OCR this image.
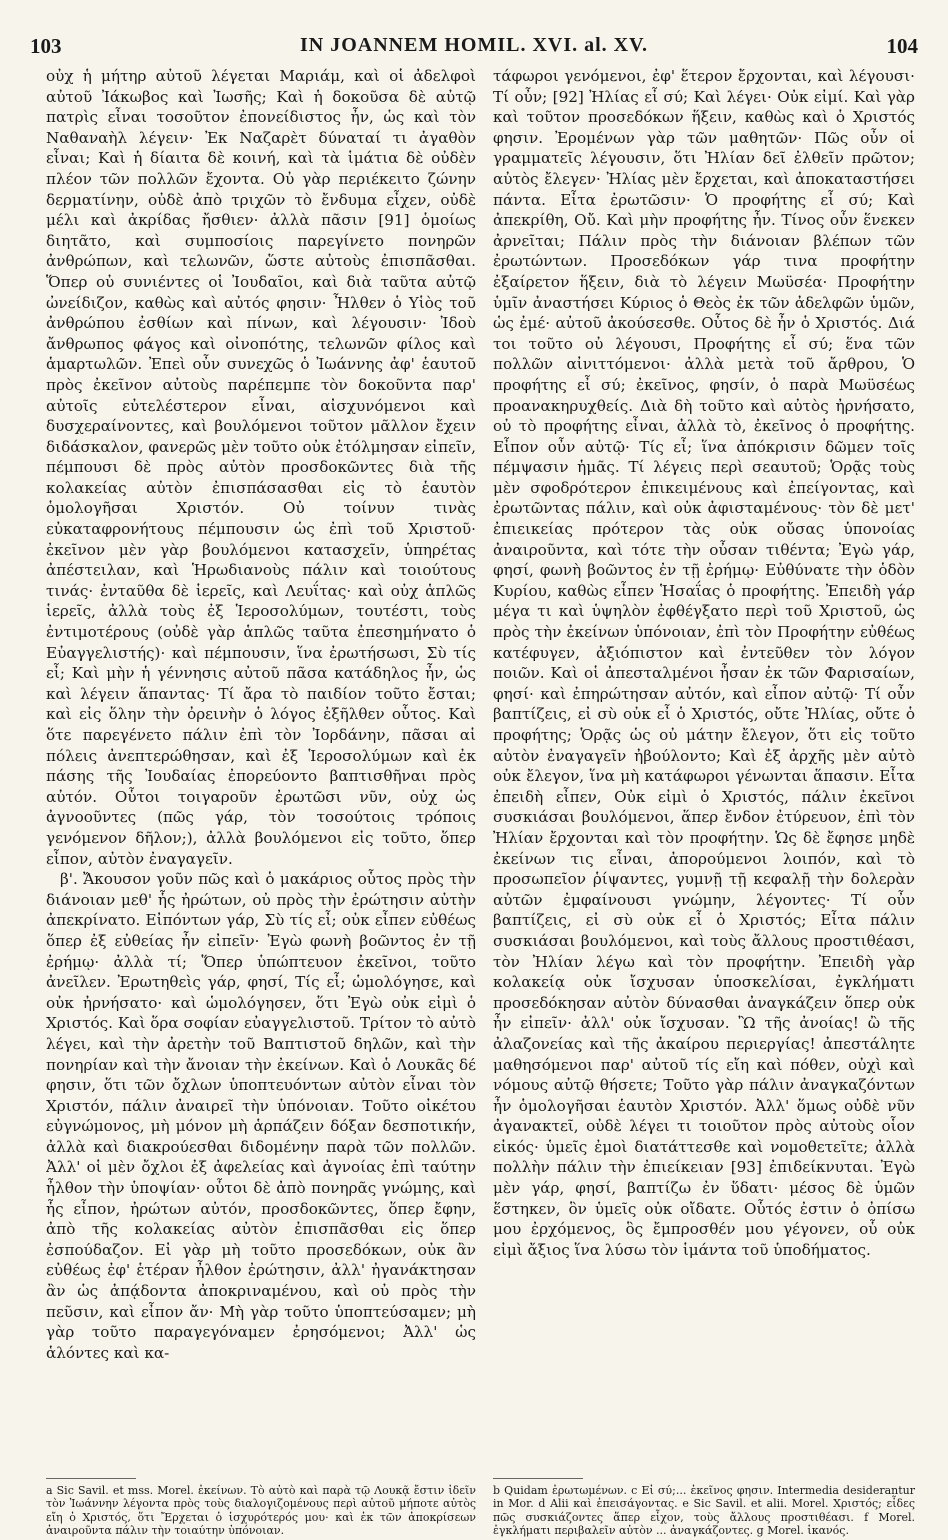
103	IN JOANNEM HOMIL. XVI. al. XV.	104

οὐχ ἡ μήτηρ αὐτοῦ λέγεται Μαριάμ, καὶ οἱ ἀδελφοὶ αὐτοῦ Ἰάκωβος καὶ Ἰωσῆς; Καὶ ἡ δοκοῦσα δὲ αὐτῷ πατρὶς εἶναι τοσοῦτον ἐπονείδιστος ἦν, ὡς καὶ τὸν Ναθαναὴλ λέγειν· Ἐκ Ναζαρὲτ δύναταί τι ἀγαθὸν εἶναι; Καὶ ἡ δίαιτα δὲ κοινή, καὶ τὰ ἱμάτια δὲ οὐδὲν πλέον τῶν πολλῶν ἔχοντα. Οὐ γὰρ περιέκειτο ζώνην δερματίνην, οὐδὲ ἀπὸ τριχῶν τὸ ἔνδυμα εἶχεν, οὐδὲ μέλι καὶ ἀκρίδας ἤσθιεν· ἀλλὰ πᾶσιν [91] ὁμοίως διητᾶτο, καὶ συμποσίοις παρεγίνετο πονηρῶν ἀνθρώπων, καὶ τελωνῶν, ὥστε αὐτοὺς ἐπισπᾶσθαι. Ὅπερ οὐ συνιέντες οἱ Ἰουδαῖοι, καὶ διὰ ταῦτα αὐτῷ ὠνείδιζον, καθὼς καὶ αὐτός φησιν· Ἦλθεν ὁ Υἱὸς τοῦ ἀνθρώπου ἐσθίων καὶ πίνων, καὶ λέγουσιν· Ἰδοὺ ἄνθρωπος φάγος καὶ οἰνοπότης, τελωνῶν φίλος καὶ ἁμαρτωλῶν. Ἐπεὶ οὖν συνεχῶς ὁ Ἰωάννης ἀφ' ἑαυτοῦ πρὸς ἐκεῖνον αὐτοὺς παρέπεμπε τὸν δοκοῦντα παρ' αὐτοῖς εὐτελέστερον εἶναι, αἰσχυνόμενοι καὶ δυσχεραίνοντες, καὶ βουλόμενοι τοῦτον μᾶλλον ἔχειν διδάσκαλον, φανερῶς μὲν τοῦτο οὐκ ἐτόλμησαν εἰπεῖν, πέμπουσι δὲ πρὸς αὐτὸν προσδοκῶντες διὰ τῆς κολακείας αὐτὸν ἐπισπάσασθαι εἰς τὸ ἑαυτὸν ὁμολογῆσαι Χριστόν. Οὐ τοίνυν τινὰς εὐκαταφρονήτους πέμπουσιν ὡς ἐπὶ τοῦ Χριστοῦ· ἐκεῖνον μὲν γὰρ βουλόμενοι κατασχεῖν, ὑπηρέτας ἀπέστειλαν, καὶ Ἡρωδιανοὺς πάλιν καὶ τοιούτους τινάς· ἐνταῦθα δὲ ἱερεῖς, καὶ Λευΐτας· καὶ οὐχ ἁπλῶς ἱερεῖς, ἀλλὰ τοὺς ἐξ Ἱεροσολύμων, τουτέστι, τοὺς ἐντιμοτέρους (οὐδὲ γὰρ ἁπλῶς ταῦτα ἐπεσημήνατο ὁ Εὐαγγελιστής)· καὶ πέμπουσιν, ἵνα ἐρωτήσωσι, Σὺ τίς εἶ; Καὶ μὴν ἡ γέννησις αὐτοῦ πᾶσα κατάδηλος ἦν, ὡς καὶ λέγειν ἅπαντας· Τί ἄρα τὸ παιδίον τοῦτο ἔσται; καὶ εἰς ὅλην τὴν ὀρεινὴν ὁ λόγος ἐξῆλθεν οὗτος. Καὶ ὅτε παρεγένετο πάλιν ἐπὶ τὸν Ἰορδάνην, πᾶσαι αἱ πόλεις ἀνεπτερώθησαν, καὶ ἐξ Ἱεροσολύμων καὶ ἐκ πάσης τῆς Ἰουδαίας ἐπορεύοντο βαπτισθῆναι πρὸς αὐτόν. Οὗτοι τοιγαροῦν ἐρωτῶσι νῦν, οὐχ ὡς ἀγνοοῦντες (πῶς γάρ, τὸν τοσούτοις τρόποις γενόμενον δῆλον;), ἀλλὰ βουλόμενοι εἰς τοῦτο, ὅπερ εἶπον, αὐτὸν ἐναγαγεῖν.

β'. Ἄκουσον γοῦν πῶς καὶ ὁ μακάριος οὗτος πρὸς τὴν διάνοιαν μεθ' ἧς ἠρώτων, οὐ πρὸς τὴν ἐρώτησιν αὐτὴν ἀπεκρίνατο. Εἰπόντων γάρ, Σὺ τίς εἶ; οὐκ εἶπεν εὐθέως ὅπερ ἐξ εὐθείας ἦν εἰπεῖν· Ἐγὼ φωνὴ βοῶντος ἐν τῇ ἐρήμῳ· ἀλλὰ τί; Ὅπερ ὑπώπτευον ἐκεῖνοι, τοῦτο ἀνεῖλεν. Ἐρωτηθεὶς γάρ, φησί, Τίς εἶ; ὡμολόγησε, καὶ οὐκ ἠρνήσατο· καὶ ὡμολόγησεν, ὅτι Ἐγὼ οὐκ εἰμὶ ὁ Χριστός. Καὶ ὅρα σοφίαν εὐαγγελιστοῦ. Τρίτον τὸ αὐτὸ λέγει, καὶ τὴν ἀρετὴν τοῦ Βαπτιστοῦ δηλῶν, καὶ τὴν πονηρίαν καὶ τὴν ἄνοιαν τὴν ἐκείνων. Καὶ ὁ Λουκᾶς δέ φησιν, ὅτι τῶν ὄχλων ὑποπτευόντων αὐτὸν εἶναι τὸν Χριστόν, πάλιν ἀναιρεῖ τὴν ὑπόνοιαν. Τοῦτο οἰκέτου εὐγνώμονος, μὴ μόνον μὴ ἁρπάζειν δόξαν δεσποτικήν, ἀλλὰ καὶ διακρούεσθαι διδομένην παρὰ τῶν πολλῶν. Ἀλλ' οἱ μὲν ὄχλοι ἐξ ἀφελείας καὶ ἀγνοίας ἐπὶ ταύτην ἦλθον τὴν ὑποψίαν· οὗτοι δὲ ἀπὸ πονηρᾶς γνώμης, καὶ ἧς εἶπον, ἠρώτων αὐτόν, προσδοκῶντες, ὅπερ ἔφην, ἀπὸ τῆς κολακείας αὐτὸν ἐπισπᾶσθαι εἰς ὅπερ ἐσπούδαζον. Εἰ γὰρ μὴ τοῦτο προσεδόκων, οὐκ ἂν εὐθέως ἐφ' ἑτέραν ἦλθον ἐρώτησιν, ἀλλ' ἠγανάκτησαν ἂν ὡς ἀπᾴδοντα ἀποκριναμένου, καὶ οὐ πρὸς τὴν πεῦσιν, καὶ εἶπον ἄν· Μὴ γὰρ τοῦτο ὑποπτεύσαμεν; μὴ γὰρ τοῦτο παραγεγόναμεν ἐρησόμενοι; Ἀλλ' ὡς ἁλόντες καὶ κα-

τάφωροι γενόμενοι, ἐφ' ἕτερον ἔρχονται, καὶ λέγουσι· Τί οὖν; [92] Ἠλίας εἶ σύ; Καὶ λέγει· Οὐκ εἰμί. Καὶ γὰρ καὶ τοῦτον προσεδόκων ἥξειν, καθὼς καὶ ὁ Χριστός φησιν. Ἐρομένων γὰρ τῶν μαθητῶν· Πῶς οὖν οἱ γραμματεῖς λέγουσιν, ὅτι Ἠλίαν δεῖ ἐλθεῖν πρῶτον; αὐτὸς ἔλεγεν· Ἠλίας μὲν ἔρχεται, καὶ ἀποκαταστήσει πάντα. Εἶτα ἐρωτῶσιν· Ὁ προφήτης εἶ σύ; Καὶ ἀπεκρίθη, Οὔ. Καὶ μὴν προφήτης ἦν. Τίνος οὖν ἕνεκεν ἀρνεῖται; Πάλιν πρὸς τὴν διάνοιαν βλέπων τῶν ἐρωτώντων. Προσεδόκων γάρ τινα προφήτην ἐξαίρετον ἥξειν, διὰ τὸ λέγειν Μωϋσέα· Προφήτην ὑμῖν ἀναστήσει Κύριος ὁ Θεὸς ἐκ τῶν ἀδελφῶν ὑμῶν, ὡς ἐμέ· αὐτοῦ ἀκούσεσθε. Οὗτος δὲ ἦν ὁ Χριστός. Διά τοι τοῦτο οὐ λέγουσι, Προφήτης εἶ σύ; ἕνα τῶν πολλῶν αἰνιττόμενοι· ἀλλὰ μετὰ τοῦ ἄρθρου, Ὁ προφήτης εἶ σύ; ἐκεῖνος, φησίν, ὁ παρὰ Μωϋσέως προανακηρυχθείς. Διὰ δὴ τοῦτο καὶ αὐτὸς ἠρνήσατο, οὐ τὸ προφήτης εἶναι, ἀλλὰ τὸ, ἐκεῖνος ὁ προφήτης. Εἶπον οὖν αὐτῷ· Τίς εἶ; ἵνα ἀπόκρισιν δῶμεν τοῖς πέμψασιν ἡμᾶς. Τί λέγεις περὶ σεαυτοῦ; Ὁρᾷς τοὺς μὲν σφοδρότερον ἐπικειμένους καὶ ἐπείγοντας, καὶ ἐρωτῶντας πάλιν, καὶ οὐκ ἀφισταμένους· τὸν δὲ μετ' ἐπιεικείας πρότερον τὰς οὐκ οὔσας ὑπονοίας ἀναιροῦντα, καὶ τότε τὴν οὖσαν τιθέντα; Ἐγὼ γάρ, φησί, φωνὴ βοῶντος ἐν τῇ ἐρήμῳ· Εὐθύνατε τὴν ὁδὸν Κυρίου, καθὼς εἶπεν Ἡσαΐας ὁ προφήτης. Ἐπειδὴ γάρ μέγα τι καὶ ὑψηλὸν ἐφθέγξατο περὶ τοῦ Χριστοῦ, ὡς πρὸς τὴν ἐκείνων ὑπόνοιαν, ἐπὶ τὸν Προφήτην εὐθέως κατέφυγεν, ἀξιόπιστον καὶ ἐντεῦθεν τὸν λόγον ποιῶν. Καὶ οἱ ἀπεσταλμένοι ἦσαν ἐκ τῶν Φαρισαίων, φησί· καὶ ἐπηρώτησαν αὐτόν, καὶ εἶπον αὐτῷ· Τί οὖν βαπτίζεις, εἰ σὺ οὐκ εἶ ὁ Χριστός, οὔτε Ἠλίας, οὔτε ὁ προφήτης; Ὁρᾷς ὡς οὐ μάτην ἔλεγον, ὅτι εἰς τοῦτο αὐτὸν ἐναγαγεῖν ἠβούλοντο; Καὶ ἐξ ἀρχῆς μὲν αὐτὸ οὐκ ἔλεγον, ἵνα μὴ κατάφωροι γένωνται ἅπασιν. Εἶτα ἐπειδὴ εἶπεν, Οὐκ εἰμὶ ὁ Χριστός, πάλιν ἐκεῖνοι συσκιάσαι βουλόμενοι, ἅπερ ἔνδον ἐτύρευον, ἐπὶ τὸν Ἠλίαν ἔρχονται καὶ τὸν προφήτην. Ὡς δὲ ἔφησε μηδὲ ἐκείνων τις εἶναι, ἀπορούμενοι λοιπόν, καὶ τὸ προσωπεῖον ῥίψαντες, γυμνῇ τῇ κεφαλῇ τὴν δολερὰν αὐτῶν ἐμφαίνουσι γνώμην, λέγοντες· Τί οὖν βαπτίζεις, εἰ σὺ οὐκ εἶ ὁ Χριστός; Εἶτα πάλιν συσκιάσαι βουλόμενοι, καὶ τοὺς ἄλλους προστιθέασι, τὸν Ἠλίαν λέγω καὶ τὸν προφήτην. Ἐπειδὴ γὰρ κολακείᾳ οὐκ ἴσχυσαν ὑποσκελίσαι, ἐγκλήματι προσεδόκησαν αὐτὸν δύνασθαι ἀναγκάζειν ὅπερ οὐκ ἦν εἰπεῖν· ἀλλ' οὐκ ἴσχυσαν. Ὢ τῆς ἀνοίας! ὢ τῆς ἀλαζονείας καὶ τῆς ἀκαίρου περιεργίας! ἀπεστάλητε μαθησόμενοι παρ' αὐτοῦ τίς εἴη καὶ πόθεν, οὐχὶ καὶ νόμους αὐτῷ θήσετε; Τοῦτο γὰρ πάλιν ἀναγκαζόντων ἦν ὁμολογῆσαι ἑαυτὸν Χριστόν. Ἀλλ' ὅμως οὐδὲ νῦν ἀγανακτεῖ, οὐδὲ λέγει τι τοιοῦτον πρὸς αὐτοὺς οἷον εἰκός· ὑμεῖς ἐμοὶ διατάττεσθε καὶ νομοθετεῖτε; ἀλλὰ πολλὴν πάλιν τὴν ἐπιείκειαν [93] ἐπιδείκνυται. Ἐγὼ μὲν γάρ, φησί, βαπτίζω ἐν ὕδατι· μέσος δὲ ὑμῶν ἕστηκεν, ὃν ὑμεῖς οὐκ οἴδατε. Οὗτός ἐστιν ὁ ὀπίσω μου ἐρχόμενος, ὃς ἔμπροσθέν μου γέγονεν, οὗ οὐκ εἰμὶ ἄξιος ἵνα λύσω τὸν ἱμάντα τοῦ ὑποδήματος.

a Sic Savil. et mss. Morel. ἐκείνων. Τὸ αὐτὸ καὶ παρὰ τῷ Λουκᾷ ἔστιν ἰδεῖν τὸν Ἰωάννην λέγοντα πρὸς τοὺς διαλογιζομένους περὶ αὐτοῦ μήποτε αὐτὸς εἴη ὁ Χριστός, ὅτι Ἔρχεται ὁ ἰσχυρότερός μου· καὶ ἐκ τῶν ἀποκρίσεων ἀναιροῦντα πάλιν τὴν τοιαύτην ὑπόνοιαν.
b Quidam ἐρωτωμένων. c Εἶ σύ;... ἐκεῖνος φησιν. Intermedia desiderantur in Mor. d Alii καὶ ἐπεισάγοντας. e Sic Savil. et alii. Morel. Χριστός; εἶδες πῶς συσκιάζοντες ἅπερ εἶχον, τοὺς ἄλλους προστιθέασι. f Morel. ἐγκλήματι περιβαλεῖν αὐτὸν ... ἀναγκάζοντες. g Morel. ἱκανός.
